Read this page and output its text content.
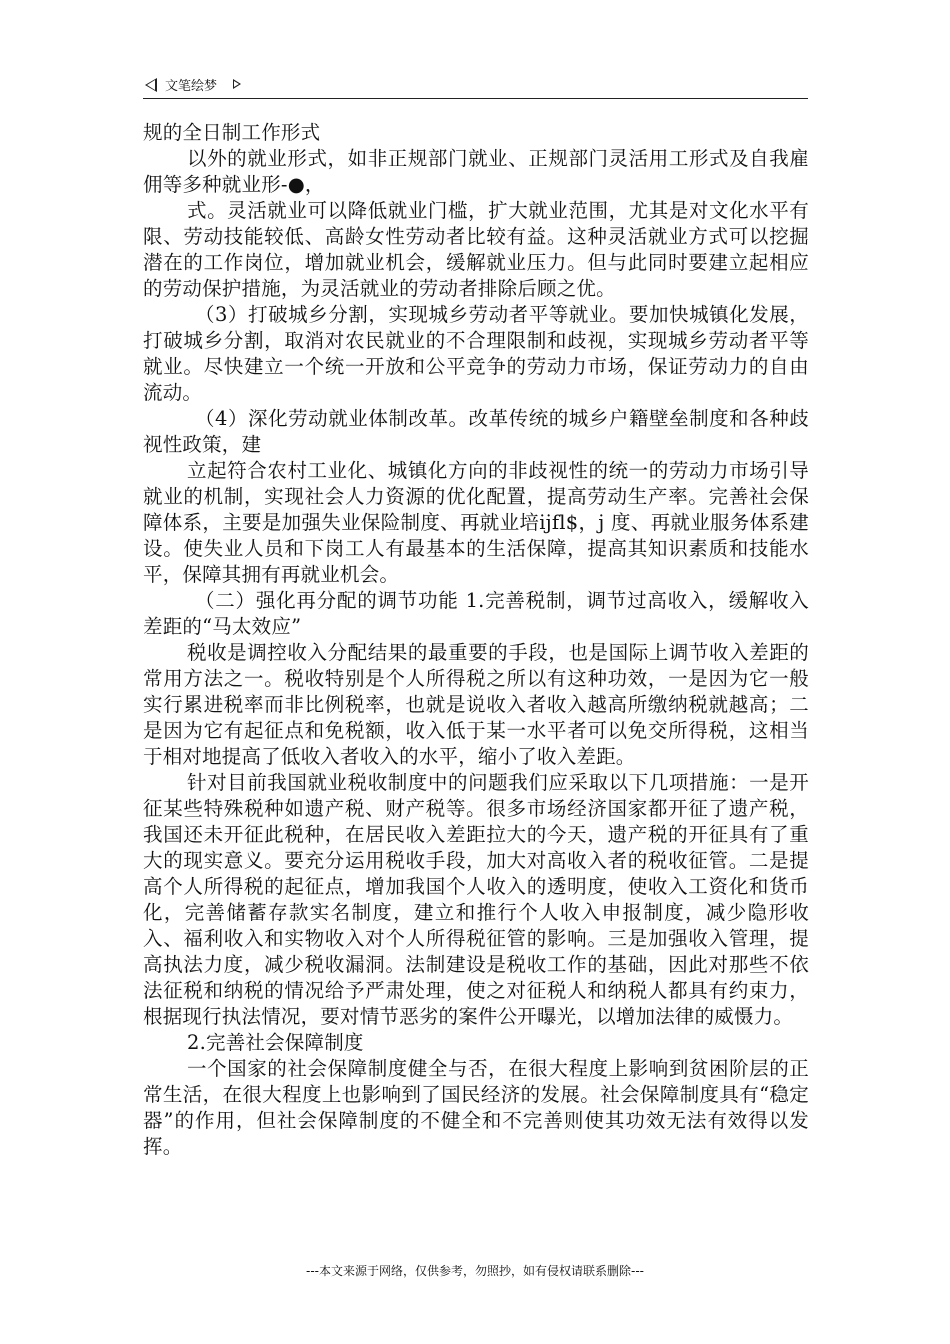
文笔绘梦

规的全日制工作形式

以外的就业形式，如非正规部门就业、正规部门灵活用工形式及自我雇佣等多种就业形-●，

式。灵活就业可以降低就业门槛，扩大就业范围，尤其是对文化水平有限、劳动技能较低、高龄女性劳动者比较有益。这种灵活就业方式可以挖掘潜在的工作岗位，增加就业机会，缓解就业压力。但与此同时要建立起相应的劳动保护措施，为灵活就业的劳动者排除后顾之优。

（3）打破城乡分割，实现城乡劳动者平等就业。要加快城镇化发展，打破城乡分割，取消对农民就业的不合理限制和歧视，实现城乡劳动者平等就业。尽快建立一个统一开放和公平竞争的劳动力市场，保证劳动力的自由流动。

（4）深化劳动就业体制改革。改革传统的城乡户籍壁垒制度和各种歧视性政策，建

立起符合农村工业化、城镇化方向的非歧视性的统一的劳动力市场引导就业的机制，实现社会人力资源的优化配置，提高劳动生产率。完善社会保障体系，主要是加强失业保险制度、再就业培ijfl$，j 度、再就业服务体系建设。使失业人员和下岗工人有最基本的生活保障，提高其知识素质和技能水平，保障其拥有再就业机会。

（二）强化再分配的调节功能 1.完善税制，调节过高收入，缓解收入差距的“马太效应”

税收是调控收入分配结果的最重要的手段，也是国际上调节收入差距的常用方法之一。税收特别是个人所得税之所以有这种功效，一是因为它一般实行累进税率而非比例税率，也就是说收入者收入越高所缴纳税就越高；二是因为它有起征点和免税额，收入低于某一水平者可以免交所得税，这相当于相对地提高了低收入者收入的水平，缩小了收入差距。

针对目前我国就业税收制度中的问题我们应采取以下几项措施：一是开征某些特殊税种如遗产税、财产税等。很多市场经济国家都开征了遗产税，我国还未开征此税种，在居民收入差距拉大的今天，遗产税的开征具有了重大的现实意义。要充分运用税收手段，加大对高收入者的税收征管。二是提高个人所得税的起征点，增加我国个人收入的透明度，使收入工资化和货币化，完善储蓄存款实名制度，建立和推行个人收入申报制度，减少隐形收入、福利收入和实物收入对个人所得税征管的影响。三是加强收入管理，提高执法力度，减少税收漏洞。法制建设是税收工作的基础，因此对那些不依法征税和纳税的情况给予严肃处理，使之对征税人和纳税人都具有约束力，根据现行执法情况，要对情节恶劣的案件公开曝光，以增加法律的威慑力。

2.完善社会保障制度

一个国家的社会保障制度健全与否，在很大程度上影响到贫困阶层的正常生活，在很大程度上也影响到了国民经济的发展。社会保障制度具有“稳定器”的作用，但社会保障制度的不健全和不完善则使其功效无法有效得以发挥。

---本文来源于网络，仅供参考，勿照抄，如有侵权请联系删除---
